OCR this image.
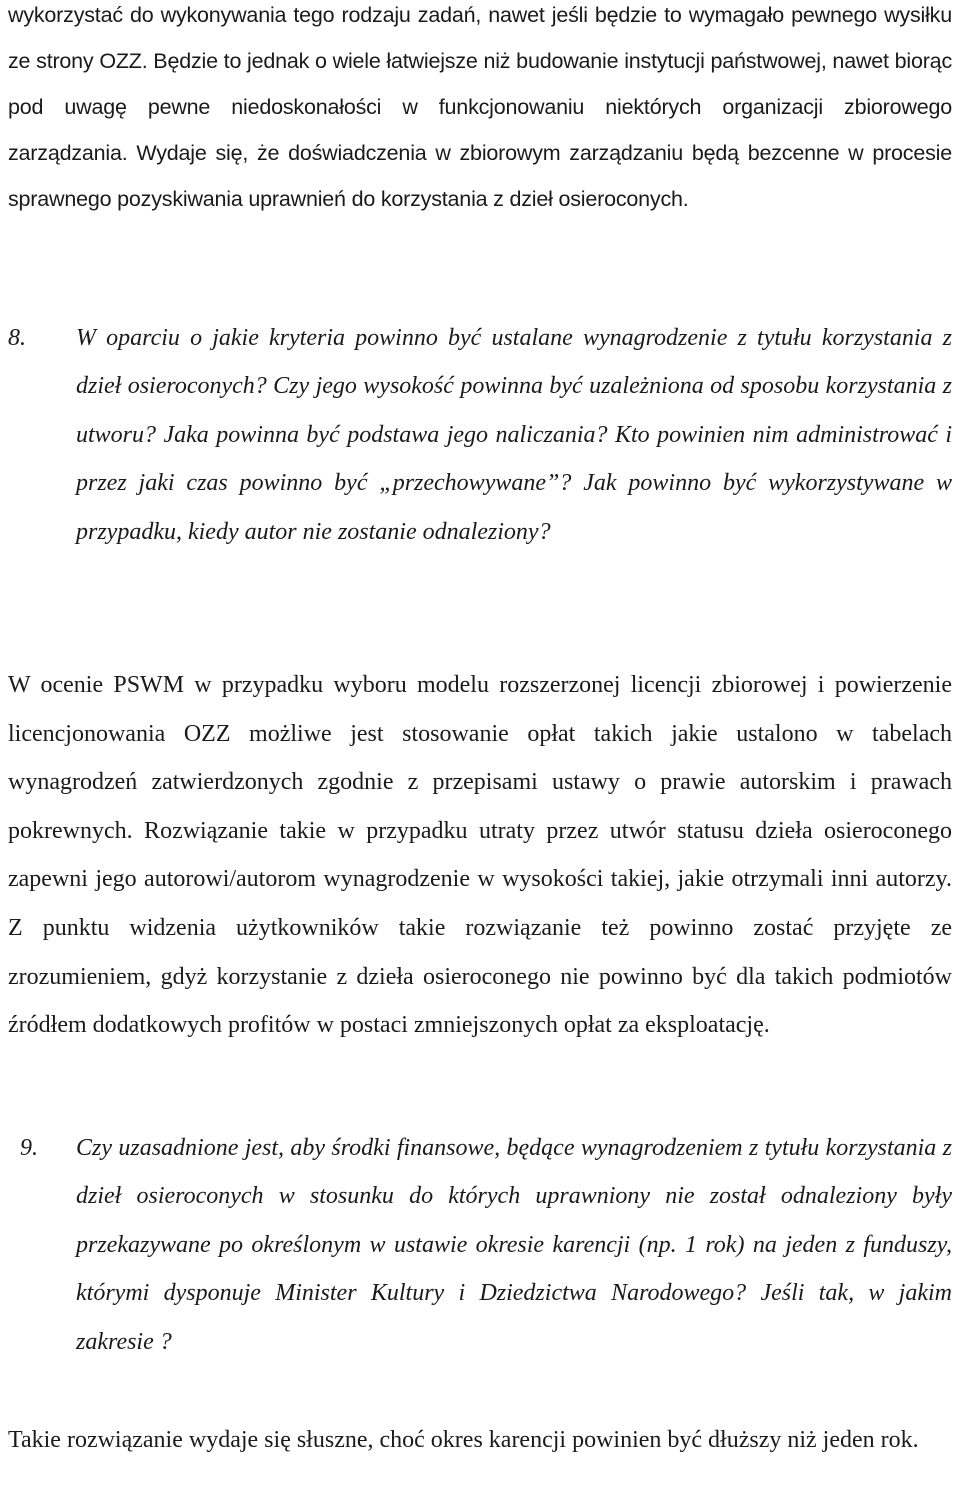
wykorzystać do wykonywania tego rodzaju zadań, nawet jeśli będzie to wymagało pewnego wysiłku ze strony OZZ. Będzie to jednak o wiele łatwiejsze niż budowanie instytucji państwowej, nawet biorąc pod uwagę pewne niedoskonałości w funkcjonowaniu niektórych organizacji zbiorowego zarządzania. Wydaje się, że doświadczenia w zbiorowym zarządzaniu będą bezcenne w procesie sprawnego pozyskiwania uprawnień do korzystania z dzieł osieroconych.

8. W oparciu o jakie kryteria powinno być ustalane wynagrodzenie z tytułu korzystania z dzieł osieroconych? Czy jego wysokość powinna być uzależniona od sposobu korzystania z utworu? Jaka powinna być podstawa jego naliczania? Kto powinien nim administrować i przez jaki czas powinno być „przechowywane”? Jak powinno być wykorzystywane w przypadku, kiedy autor nie zostanie odnaleziony?

W ocenie PSWM w przypadku wyboru modelu rozszerzonej licencji zbiorowej i powierzenie licencjonowania OZZ możliwe jest stosowanie opłat takich jakie ustalono w tabelach wynagrodzeń zatwierdzonych zgodnie z przepisami ustawy o prawie autorskim i prawach pokrewnych. Rozwiązanie takie w przypadku utraty przez utwór statusu dzieła osieroconego zapewni jego autorowi/autorom wynagrodzenie w wysokości takiej, jakie otrzymali inni autorzy. Z punktu widzenia użytkowników takie rozwiązanie też powinno zostać przyjęte ze zrozumieniem, gdyż korzystanie z dzieła osieroconego nie powinno być dla takich podmiotów źródłem dodatkowych profitów w postaci zmniejszonych opłat za eksploatację.

9. Czy uzasadnione jest, aby środki finansowe, będące wynagrodzeniem z tytułu korzystania z dzieł osieroconych w stosunku do których uprawniony nie został odnaleziony były przekazywane po określonym w ustawie okresie karencji (np. 1 rok) na jeden z funduszy, którymi dysponuje Minister Kultury i Dziedzictwa Narodowego? Jeśli tak, w jakim zakresie ?

Takie rozwiązanie wydaje się słuszne, choć okres karencji powinien być dłuższy niż jeden rok.
